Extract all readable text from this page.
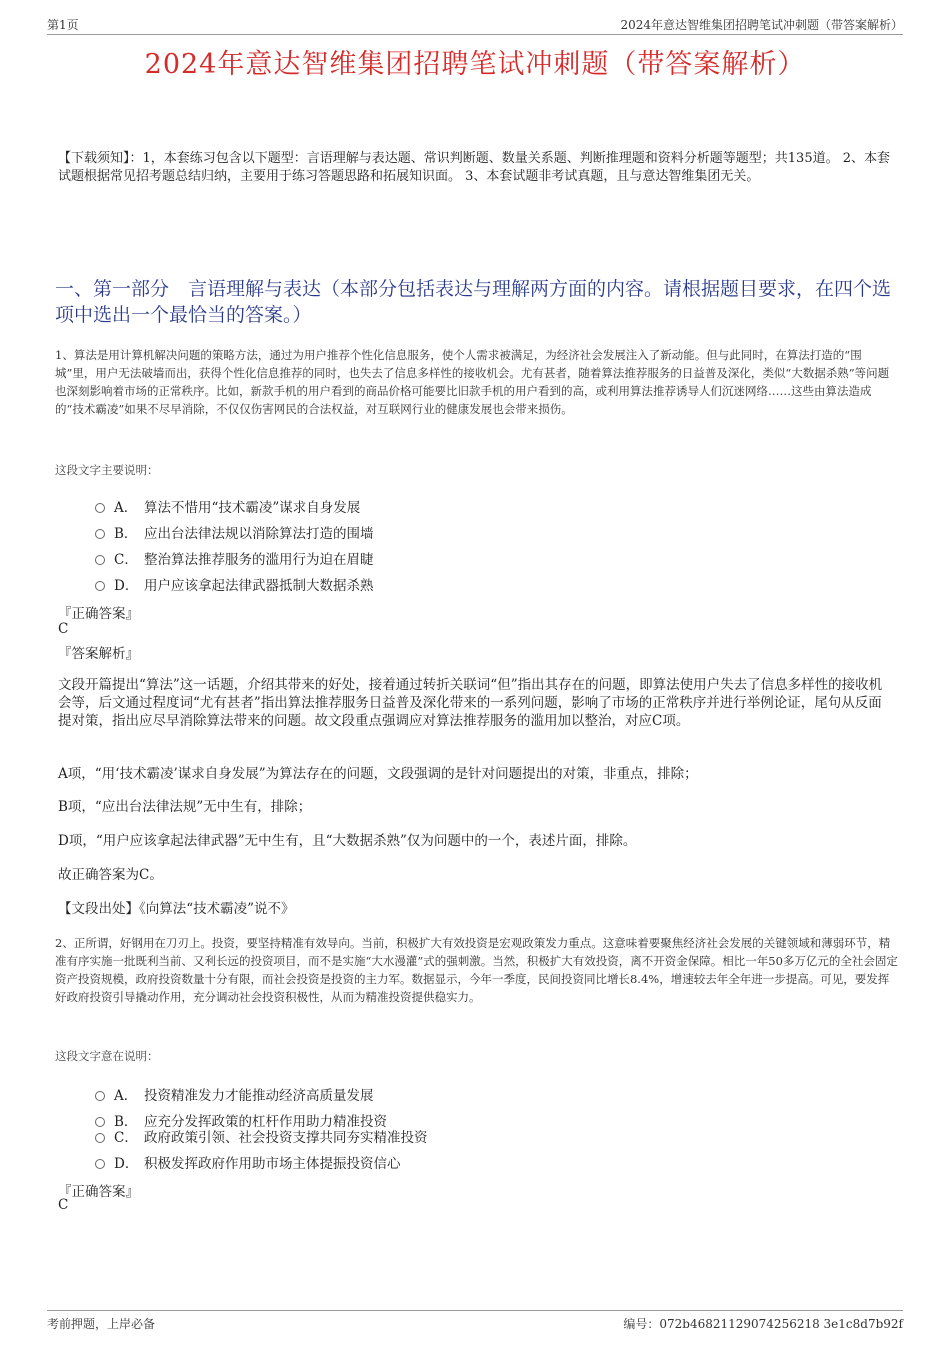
第1页	2024年意达智维集团招聘笔试冲刺题（带答案解析）
2024年意达智维集团招聘笔试冲刺题（带答案解析）
【下载须知】：1，本套练习包含以下题型：言语理解与表达题、常识判断题、数量关系题、判断推理题和资料分析题等题型；共135道。 2、本套试题根据常见招考题总结归纳，主要用于练习答题思路和拓展知识面。 3、本套试题非考试真题，且与意达智维集团无关。
一、第一部分　言语理解与表达（本部分包括表达与理解两方面的内容。请根据题目要求，在四个选项中选出一个最恰当的答案。）
1、算法是用计算机解决问题的策略方法，通过为用户推荐个性化信息服务，使个人需求被满足，为经济社会发展注入了新动能。但与此同时，在算法打造的“围城”里，用户无法破墙而出，获得个性化信息推荐的同时，也失去了信息多样性的接收机会。尤有甚者，随着算法推荐服务的日益普及深化，类似“大数据杀熟”等问题也深刻影响着市场的正常秩序。比如，新款手机的用户看到的商品价格可能要比旧款手机的用户看到的高，或利用算法推荐诱导人们沉迷网络……这些由算法造成的“技术霸凌”如果不尽早消除，不仅仅伤害网民的合法权益，对互联网行业的健康发展也会带来损伤。
这段文字主要说明：
A． 算法不惜用“技术霸凌”谋求自身发展
B． 应出台法律法规以消除算法打造的围墙
C． 整治算法推荐服务的滥用行为迫在眉睫
D． 用户应该拿起法律武器抵制大数据杀熟
『正确答案』
C
『答案解析』
文段开篇提出“算法”这一话题，介绍其带来的好处，接着通过转折关联词“但”指出其存在的问题，即算法使用户失去了信息多样性的接收机会等，后文通过程度词“尤有甚者”指出算法推荐服务日益普及深化带来的一系列问题，影响了市场的正常秩序并进行举例论证，尾句从反面提对策，指出应尽早消除算法带来的问题。故文段重点强调应对算法推荐服务的滥用加以整治，对应C项。
A项，“用‘技术霸凌’谋求自身发展”为算法存在的问题，文段强调的是针对问题提出的对策，非重点，排除；
B项，“应出台法律法规”无中生有，排除；
D项，“用户应该拿起法律武器”无中生有，且“大数据杀熟”仅为问题中的一个，表述片面，排除。
故正确答案为C。
【文段出处】《向算法“技术霸凌”说不》
2、正所谓，好钢用在刀刃上。投资，要坚持精准有效导向。当前，积极扩大有效投资是宏观政策发力重点。这意味着要聚焦经济社会发展的关键领域和薄弱环节，精准有序实施一批既利当前、又利长远的投资项目，而不是实施“大水漫灌”式的强刺激。当然，积极扩大有效投资，离不开资金保障。相比一年50多万亿元的全社会固定资产投资规模，政府投资数量十分有限，而社会投资是投资的主力军。数据显示，今年一季度，民间投资同比增长8.4%，增速较去年全年进一步提高。可见，要发挥好政府投资引导撬动作用，充分调动社会投资积极性，从而为精准投资提供稳实力。
这段文字意在说明：
A． 投资精准发力才能推动经济高质量发展
B． 应充分发挥政策的杠杆作用助力精准投资
C． 政府政策引领、社会投资支撑共同夯实精准投资
D． 积极发挥政府作用助市场主体提振投资信心
『正确答案』
C
考前押题，上岸必备	编号：072b46821129074256218 3e1c8d7b92f
